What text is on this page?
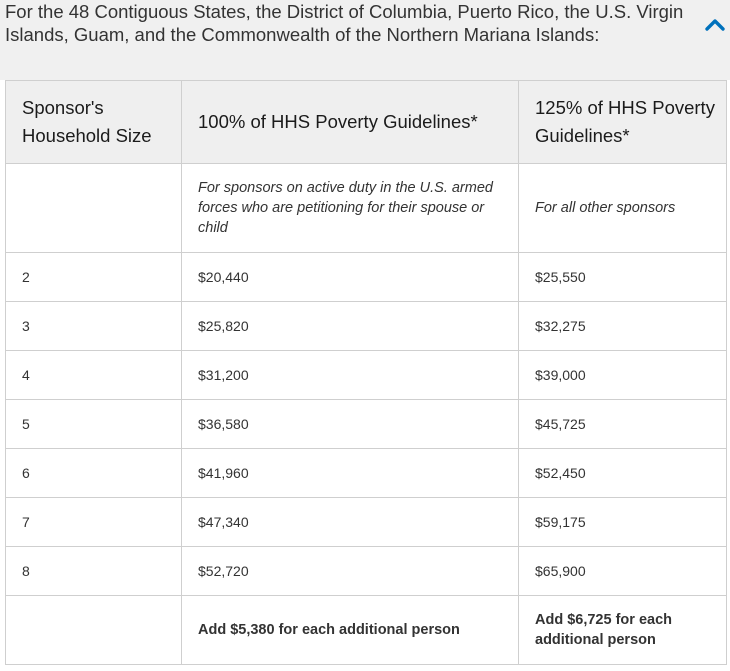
For the 48 Contiguous States, the District of Columbia, Puerto Rico, the U.S. Virgin Islands, Guam, and the Commonwealth of the Northern Mariana Islands:
Sponsor's Household Size	100% of HHS Poverty Guidelines*	125% of HHS Poverty Guidelines*
	For sponsors on active duty in the U.S. armed forces who are petitioning for their spouse or child	For all other sponsors
2	$20,440	$25,550
3	$25,820	$32,275
4	$31,200	$39,000
5	$36,580	$45,725
6	$41,960	$52,450
7	$47,340	$59,175
8	$52,720	$65,900
	Add $5,380 for each additional person	Add $6,725 for each additional person
